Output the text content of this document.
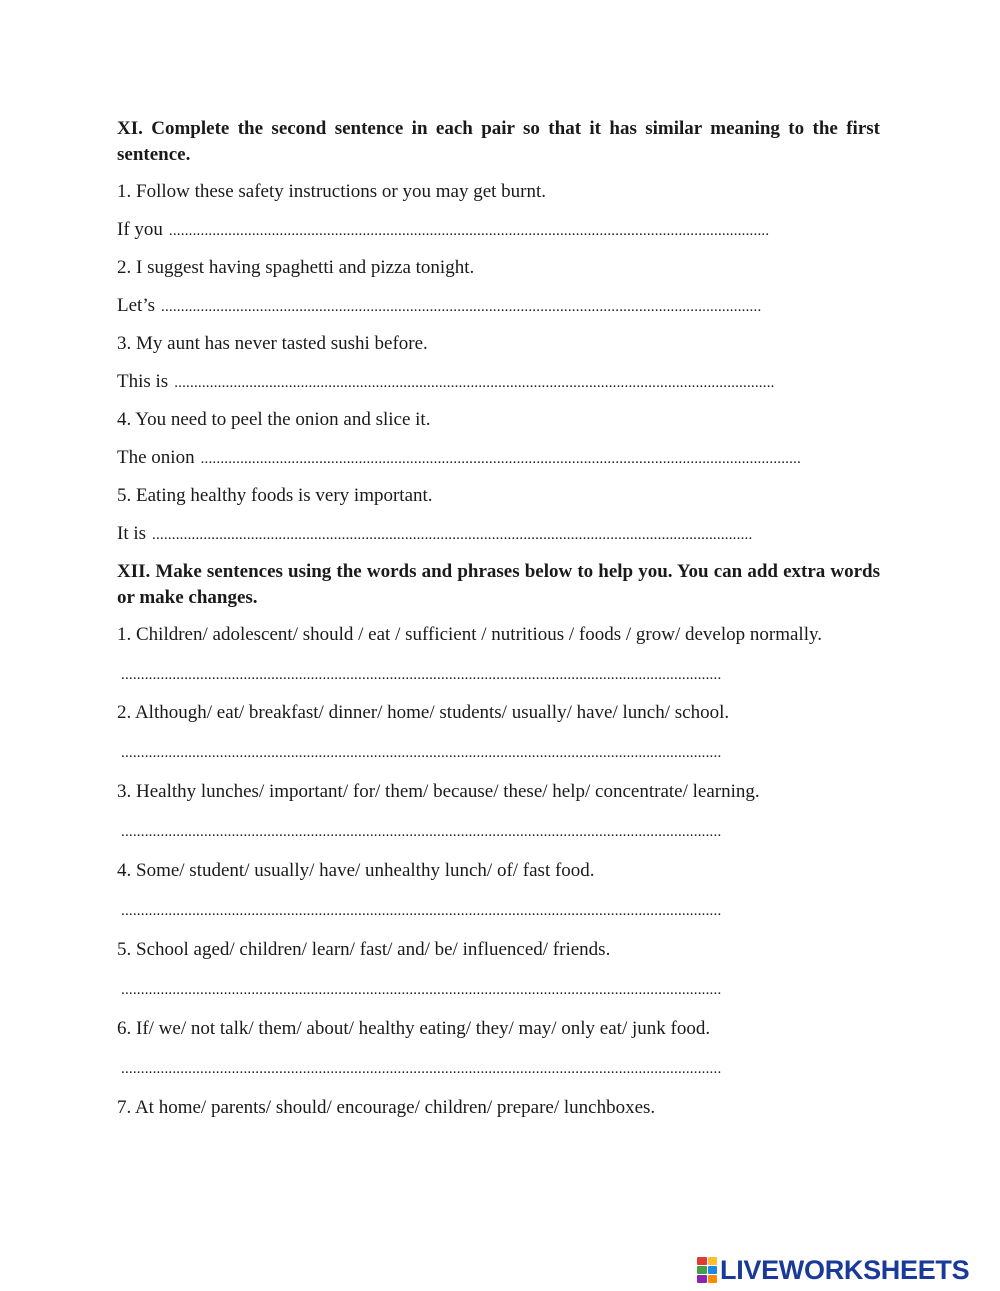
XI. Complete the second sentence in each pair so that it has similar meaning to the first sentence.

1. Follow these safety instructions or you may get burnt.

If you ........................................................................................................................................................

2. I suggest having spaghetti and pizza tonight.

Let’s ........................................................................................................................................................

3. My aunt has never tasted sushi before.

This is ........................................................................................................................................................

4. You need to peel the onion and slice it.

The onion ........................................................................................................................................................

5. Eating healthy foods is very important.

It is ........................................................................................................................................................

XII. Make sentences using the words and phrases below to help you. You can add extra words or make changes.

1. Children/ adolescent/ should / eat / sufficient / nutritious / foods / grow/ develop normally.

........................................................................................................................................................

2. Although/ eat/ breakfast/ dinner/ home/ students/ usually/ have/ lunch/ school.

........................................................................................................................................................

3. Healthy lunches/ important/ for/ them/ because/ these/ help/ concentrate/ learning.

........................................................................................................................................................

4. Some/ student/ usually/ have/ unhealthy lunch/ of/ fast food.

........................................................................................................................................................

5. School aged/ children/ learn/ fast/ and/ be/ influenced/ friends.

........................................................................................................................................................

6. If/ we/ not talk/ them/ about/ healthy eating/ they/ may/ only eat/ junk food.

........................................................................................................................................................

7. At home/ parents/ should/ encourage/ children/ prepare/ lunchboxes.

LIVEWORKSHEETS
